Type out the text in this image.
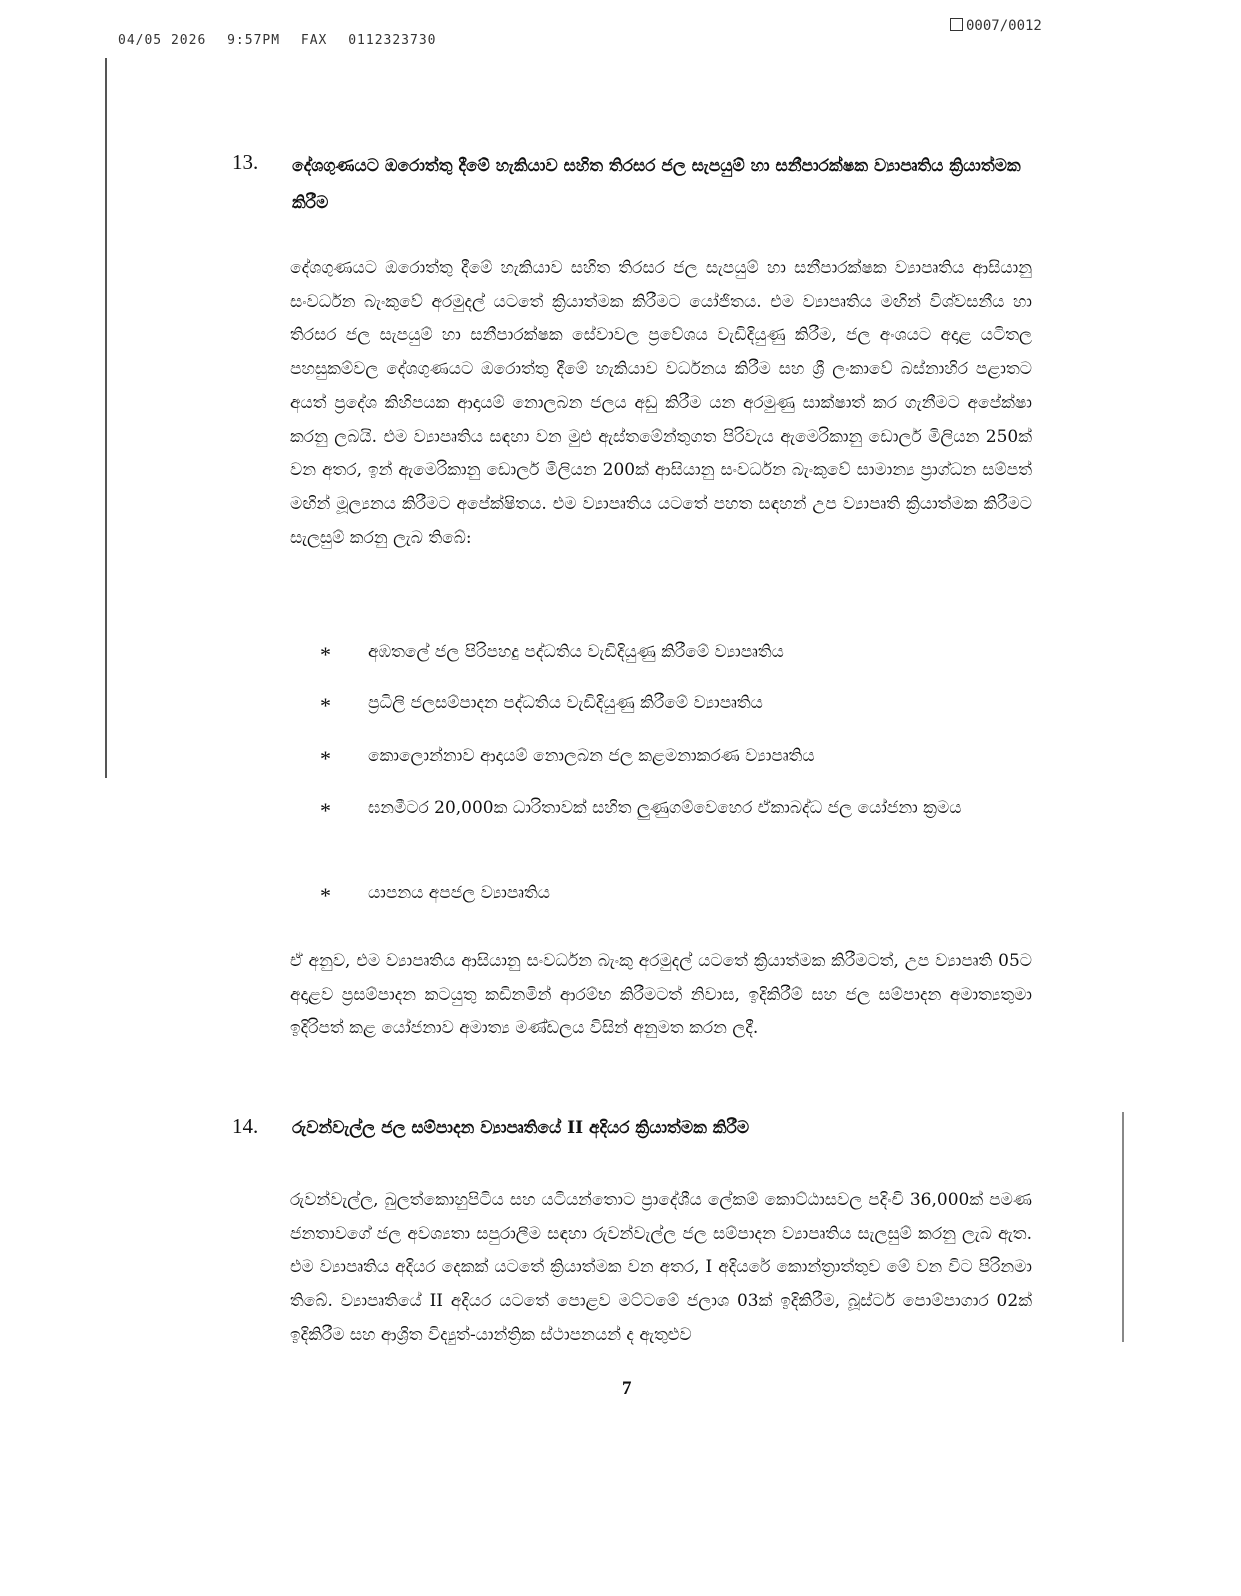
04/05 2026 9:57PM FAX 0112323730
0007/0012
13. දේශගුණයට ඔරොත්තු දීමේ හැකියාව සහිත තිරසර ජල සැපයුම් හා සනීපාරක්ෂක ව්‍යාපෘතිය ක්‍රියාත්මක කිරීම
දේශගුණයට ඔරොත්තු දීමේ හැකියාව සහිත තිරසර ජල සැපයුම් හා සනීපාරක්ෂක ව්‍යාපෘතිය ආසියානු සංවර්ධන බැංකුවේ අරමුදල් යටතේ ක්‍රියාත්මක කිරීමට යෝජිතය. එම ව්‍යාපෘතිය මඟින් විශ්වසනීය හා තිරසර ජල සැපයුම් හා සනීපාරක්ෂක සේවාවල ප්‍රවේශය වැඩිදියුණු කිරීම, ජල අංශයට අදාළ යටිතල පහසුකම්වල දේශගුණයට ඔරොත්තු දීමේ හැකියාව වර්ධනය කිරීම සහ ශ්‍රී ලංකාවේ බස්නාහිර පළාතට අයත් ප්‍රදේශ කිහිපයක ආදායම් නොලබන ජලය අඩු කිරීම යන අරමුණු සාක්ෂාත් කර ගැනීමට අපේක්ෂා කරනු ලබයි. එම ව්‍යාපෘතිය සඳහා වන මුළු ඇස්තමේන්තුගත පිරිවැය ඇමෙරිකානු ඩොලර් මිලියන 250ක් වන අතර, ඉන් ඇමෙරිකානු ඩොලර් මිලියන 200ක් ආසියානු සංවර්ධන බැංකුවේ සාමාන්‍ය ප්‍රාග්ධන සම්පත් මඟින් මූල්‍යනය කිරීමට අපේක්ෂිතය. එම ව්‍යාපෘතිය යටතේ පහත සඳහන් උප ව්‍යාපෘති ක්‍රියාත්මක කිරීමට සැලසුම් කරනු ලැබ තිබේ:
* අඹතලේ ජල පිරිපහදු පද්ධතිය වැඩිදියුණු කිරීමේ ව්‍යාපෘතිය
* ප්‍රධිලි ජලසම්පාදන පද්ධතිය වැඩිදියුණු කිරීමේ ව්‍යාපෘතිය
* කොලොන්නාව ආදායම් නොලබන ජල කළමනාකරණ ව්‍යාපෘතිය
* ඝනමීටර 20,000ක ධාරිතාවක් සහිත ලුණුගම්වෙහෙර ඒකාබද්ධ ජල යෝජනා ක්‍රමය
* යාපනය අපජල ව්‍යාපෘතිය
ඒ අනුව, එම ව්‍යාපෘතිය ආසියානු සංවර්ධන බැංකු අරමුදල් යටතේ ක්‍රියාත්මක කිරීමටත්, උප ව්‍යාපෘති 05ට අදාළව ප්‍රසම්පාදන කටයුතු කඩිනමින් ආරම්භ කිරීමටත් නිවාස, ඉදිකිරීම් සහ ජල සම්පාදන අමාත්‍යතුමා ඉදිරිපත් කළ යෝජනාව අමාත්‍ය මණ්ඩලය විසින් අනුමත කරන ලදී.
14. රුවන්වැල්ල ජල සම්පාදන ව්‍යාපෘතියේ II අදියර ක්‍රියාත්මක කිරීම
රුවන්වැල්ල, බුලත්කොහුපිටිය සහ යටියන්තොට ප්‍රාදේශීය ලේකම් කොට්ඨාසවල පදිංචි 36,000ක් පමණ ජනතාවගේ ජල අවශ්‍යතා සපුරාලීම සඳහා රුවන්වැල්ල ජල සම්පාදන ව්‍යාපෘතිය සැලසුම් කරනු ලැබ ඇත. එම ව්‍යාපෘතිය අදියර දෙකක් යටතේ ක්‍රියාත්මක වන අතර, I අදියරේ කොන්ත්‍රාත්තුව මේ වන විට පිරිනමා තිබේ. ව්‍යාපෘතියේ II අදියර යටතේ පොළව මට්ටමේ ජලාශ 03ක් ඉදිකිරීම, බූස්ටර් පොම්පාගාර 02ක් ඉදිකිරීම සහ ආශ්‍රිත විද්‍යුත්-යාන්ත්‍රික ස්ථාපනයන් ද ඇතුළුව
7
